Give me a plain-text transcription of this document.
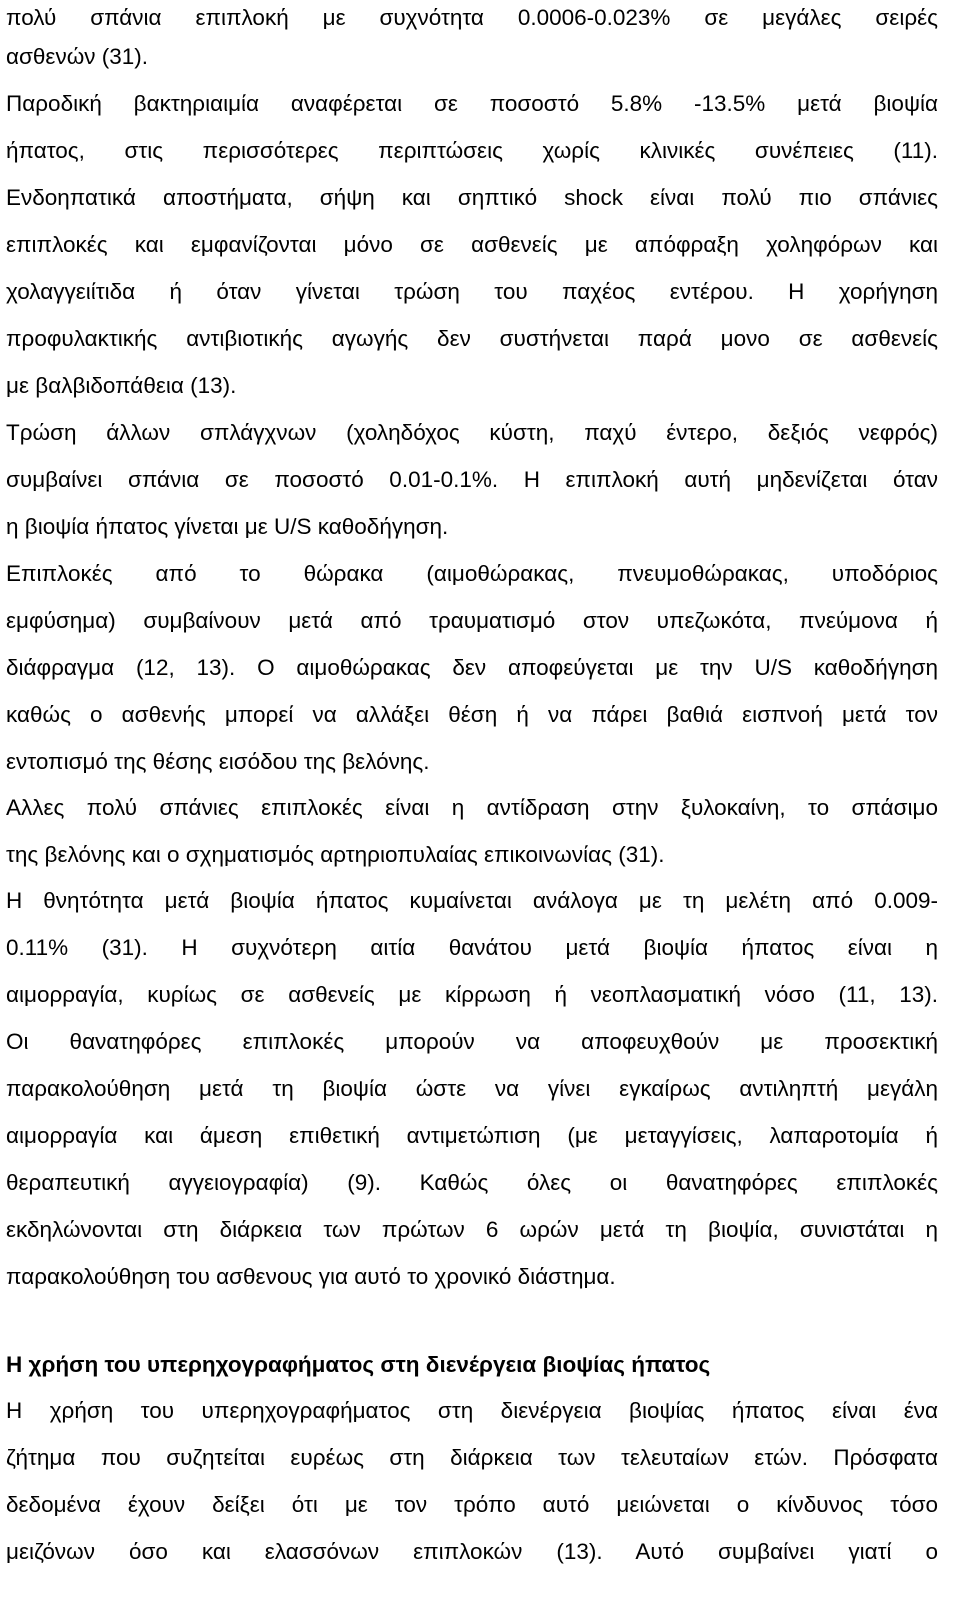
πολύ σπάνια επιπλοκή με συχνότητα 0.0006-0.023% σε μεγάλες σειρές
ασθενών (31).
Παροδική βακτηριαιμία αναφέρεται σε ποσοστό 5.8% -13.5% μετά βιοψία
ήπατος, στις περισσότερες περιπτώσεις χωρίς κλινικές συνέπειες (11).
Ενδοηπατικά αποστήματα, σήψη και σηπτικό shock είναι πολύ πιο σπάνιες
επιπλοκές και εμφανίζονται μόνο σε ασθενείς με απόφραξη χοληφόρων και
χολαγγειίτιδα ή όταν γίνεται τρώση του παχέος εντέρου. Η χορήγηση
προφυλακτικής αντιβιοτικής αγωγής δεν συστήνεται παρά μονο σε ασθενείς
με βαλβιδοπάθεια (13).
Τρώση άλλων σπλάγχνων (χοληδόχος κύστη, παχύ έντερο, δεξιός νεφρός)
συμβαίνει σπάνια σε ποσοστό 0.01-0.1%. Η επιπλοκή αυτή μηδενίζεται όταν
η βιοψία ήπατος γίνεται με U/S καθοδήγηση.
Επιπλοκές από το θώρακα (αιμοθώρακας, πνευμοθώρακας, υποδόριος
εμφύσημα) συμβαίνουν μετά από τραυματισμό στον υπεζωκότα, πνεύμονα ή
διάφραγμα (12, 13). Ο αιμοθώρακας δεν αποφεύγεται με την U/S καθοδήγηση
καθώς ο ασθενής μπορεί να αλλάξει θέση ή να πάρει βαθιά εισπνοή μετά τον
εντοπισμό της θέσης εισόδου της βελόνης.
Αλλες πολύ σπάνιες επιπλοκές είναι η αντίδραση στην ξυλοκαίνη, το σπάσιμο
της βελόνης και ο σχηματισμός αρτηριοπυλαίας επικοινωνίας (31).
Η θνητότητα μετά βιοψία ήπατος κυμαίνεται ανάλογα με τη μελέτη από 0.009-
0.11% (31). Η συχνότερη αιτία θανάτου μετά βιοψία ήπατος είναι η
αιμορραγία, κυρίως σε ασθενείς με κίρρωση ή νεοπλασματική νόσο (11, 13).
Οι θανατηφόρες επιπλοκές μπορούν να αποφευχθούν με προσεκτική
παρακολούθηση μετά τη βιοψία ώστε να γίνει εγκαίρως αντιληπτή μεγάλη
αιμορραγία και άμεση επιθετική αντιμετώπιση (με μεταγγίσεις, λαπαροτομία ή
θεραπευτική αγγειογραφία) (9). Καθώς όλες οι θανατηφόρες επιπλοκές
εκδηλώνονται στη διάρκεια των πρώτων 6 ωρών μετά τη βιοψία, συνιστάται η
παρακολούθηση του ασθενους για αυτό το χρονικό διάστημα.
Η χρήση του υπερηχογραφήματος στη διενέργεια βιοψίας ήπατος
Η χρήση του υπερηχογραφήματος στη διενέργεια βιοψίας ήπατος είναι ένα
ζήτημα που συζητείται ευρέως στη διάρκεια των τελευταίων ετών. Πρόσφατα
δεδομένα έχουν δείξει ότι με τον τρόπο αυτό μειώνεται ο κίνδυνος τόσο
μειζόνων όσο και ελασσόνων επιπλοκών (13). Αυτό συμβαίνει γιατί ο
